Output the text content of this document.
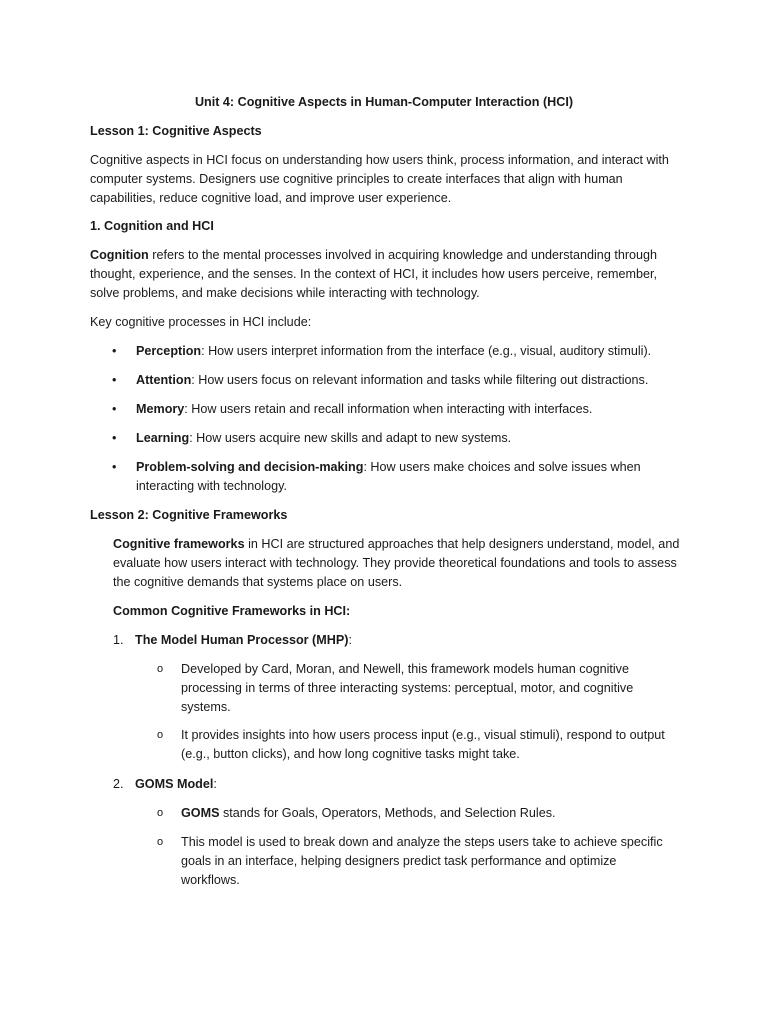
Unit 4: Cognitive Aspects in Human-Computer Interaction (HCI)
Lesson 1: Cognitive Aspects
Cognitive aspects in HCI focus on understanding how users think, process information, and interact with computer systems. Designers use cognitive principles to create interfaces that align with human capabilities, reduce cognitive load, and improve user experience.
1. Cognition and HCI
Cognition refers to the mental processes involved in acquiring knowledge and understanding through thought, experience, and the senses. In the context of HCI, it includes how users perceive, remember, solve problems, and make decisions while interacting with technology.
Key cognitive processes in HCI include:
• Perception: How users interpret information from the interface (e.g., visual, auditory stimuli).
• Attention: How users focus on relevant information and tasks while filtering out distractions.
• Memory: How users retain and recall information when interacting with interfaces.
• Learning: How users acquire new skills and adapt to new systems.
• Problem-solving and decision-making: How users make choices and solve issues when interacting with technology.
Lesson 2: Cognitive Frameworks
Cognitive frameworks in HCI are structured approaches that help designers understand, model, and evaluate how users interact with technology. They provide theoretical foundations and tools to assess the cognitive demands that systems place on users.
Common Cognitive Frameworks in HCI:
1. The Model Human Processor (MHP):
o Developed by Card, Moran, and Newell, this framework models human cognitive processing in terms of three interacting systems: perceptual, motor, and cognitive systems.
o It provides insights into how users process input (e.g., visual stimuli), respond to output (e.g., button clicks), and how long cognitive tasks might take.
2. GOMS Model:
o GOMS stands for Goals, Operators, Methods, and Selection Rules.
o This model is used to break down and analyze the steps users take to achieve specific goals in an interface, helping designers predict task performance and optimize workflows.
